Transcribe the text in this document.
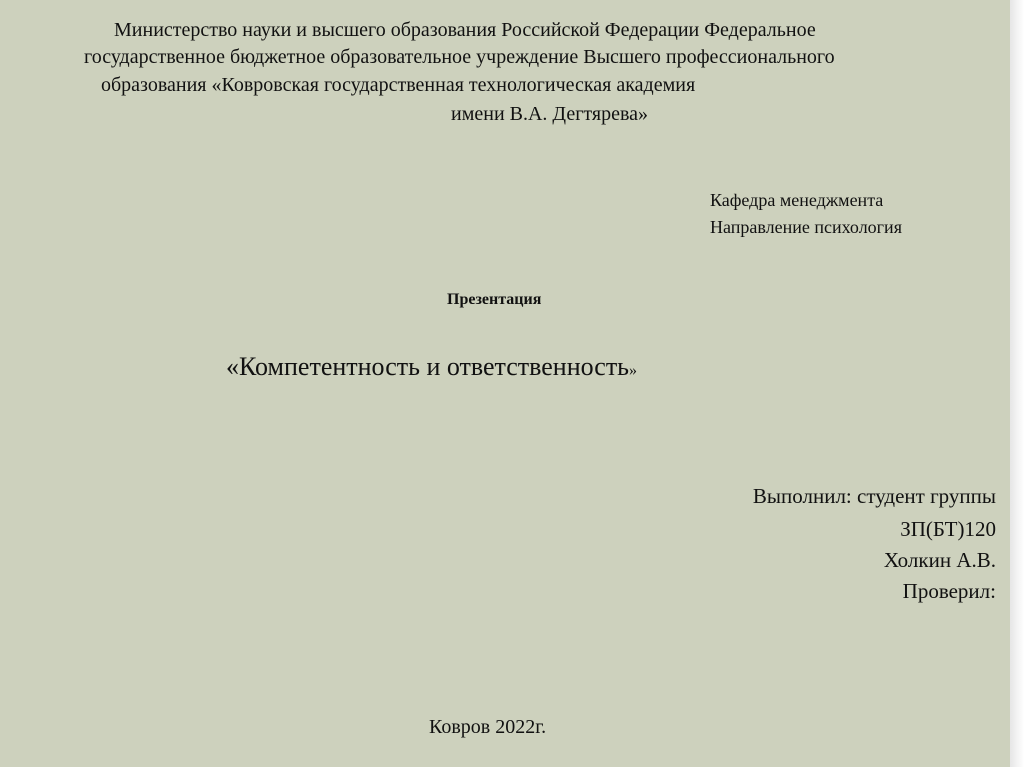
Министерство науки и высшего образования Российской Федерации Федеральное
государственное бюджетное образовательное учреждение Высшего профессионального
образования «Ковровская государственная технологическая академия
имени В.А. Дегтярева»
Кафедра менеджмента
Направление психология
Презентация
«Компетентность и ответственность»
Выполнил: студент группы
ЗП(БТ)120
Холкин А.В.
Проверил:
Ковров 2022г.
